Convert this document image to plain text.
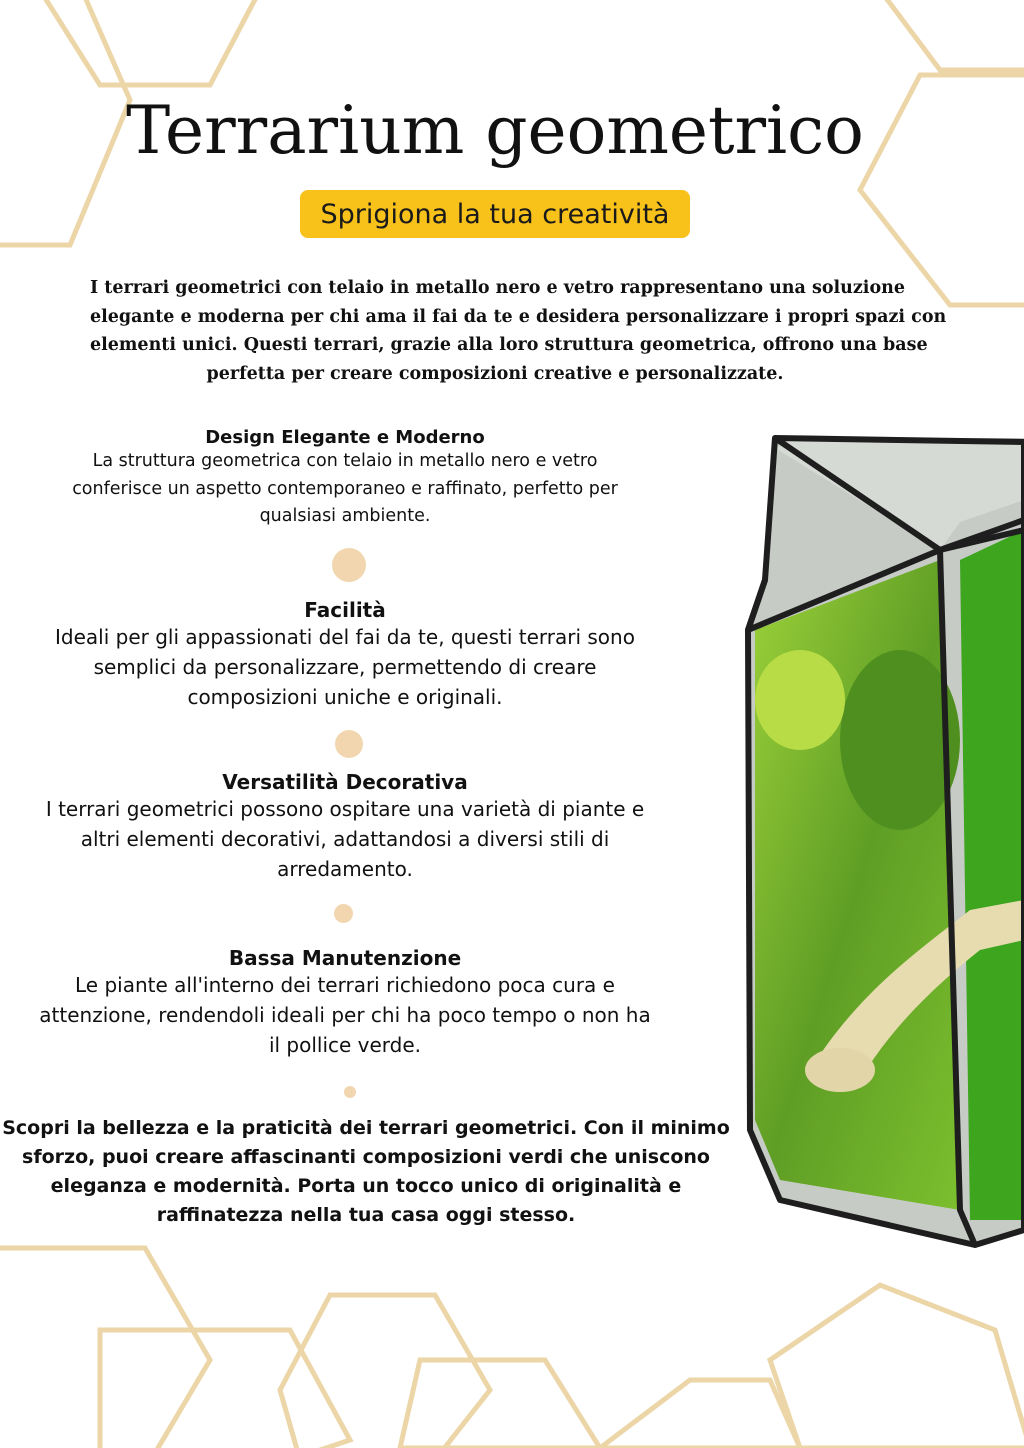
Terrarium geometrico
Sprigiona la tua creatività
I terrari geometrici con telaio in metallo nero e vetro rappresentano una soluzione
elegante e moderna per chi ama il fai da te e desidera personalizzare i propri spazi con
elementi unici. Questi terrari, grazie alla loro struttura geometrica, offrono una base
perfetta per creare composizioni creative e personalizzate.
Design Elegante e Moderno
La struttura geometrica con telaio in metallo nero e vetro
conferisce un aspetto contemporaneo e raffinato, perfetto per
qualsiasi ambiente.
Facilità
Ideali per gli appassionati del fai da te, questi terrari sono
semplici da personalizzare, permettendo di creare
composizioni uniche e originali.
Versatilità Decorativa
I terrari geometrici possono ospitare una varietà di piante e
altri elementi decorativi, adattandosi a diversi stili di
arredamento.
Bassa Manutenzione
Le piante all'interno dei terrari richiedono poca cura e
attenzione, rendendoli ideali per chi ha poco tempo o non ha
il pollice verde.
Scopri la bellezza e la praticità dei terrari geometrici. Con il minimo
sforzo, puoi creare affascinanti composizioni verdi che uniscono
eleganza e modernità. Porta un tocco unico di originalità e
raffinatezza nella tua casa oggi stesso.
